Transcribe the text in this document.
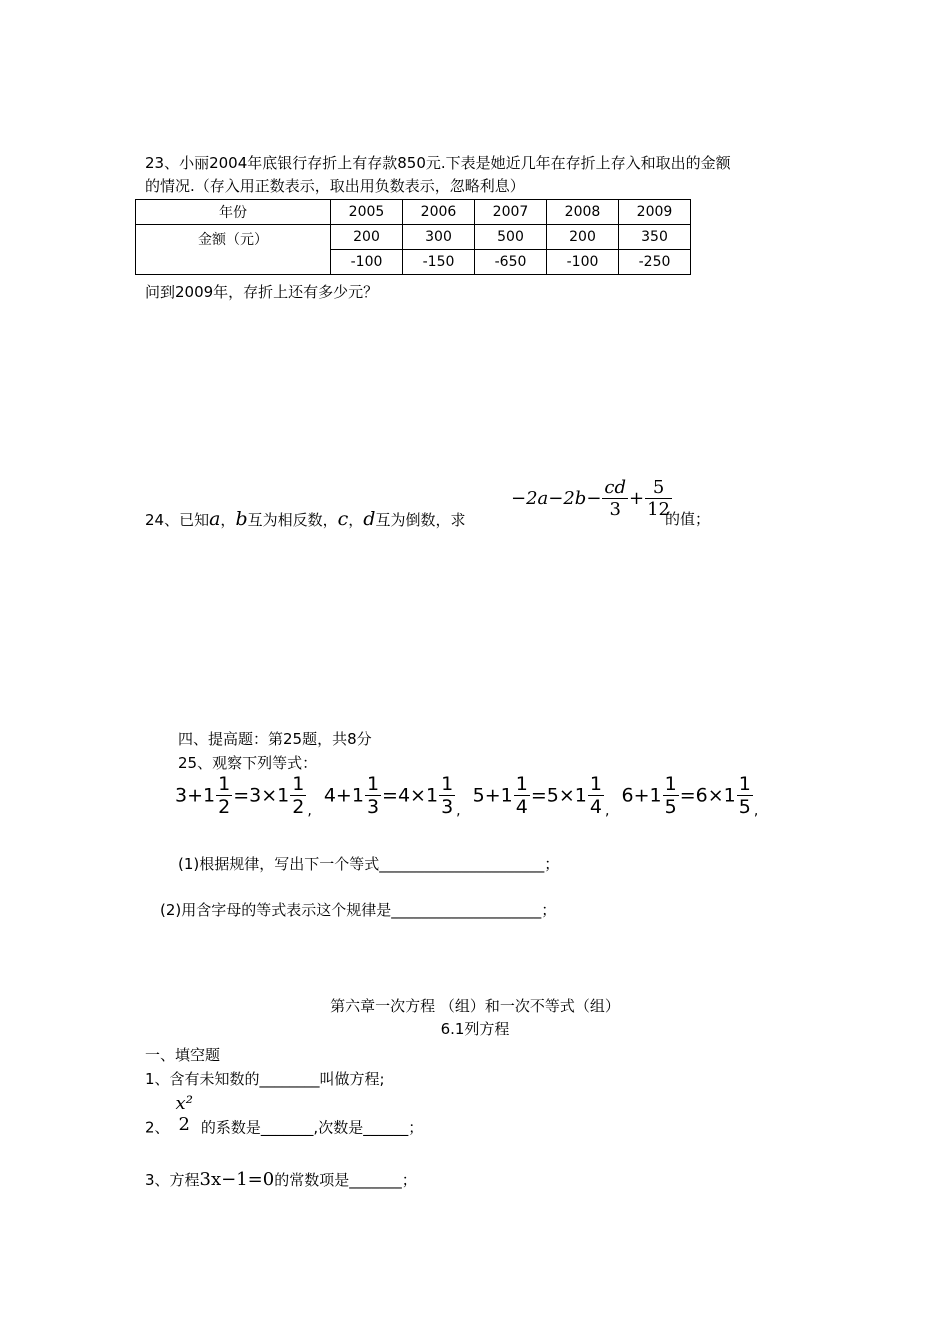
23、小丽2004年底银行存折上有存款850元.下表是她近几年在存折上存入和取出的金额
的情况.（存入用正数表示，取出用负数表示，忽略利息）
年份	2005	2006	2007	2008	2009
金额（元）	200	300	500	200	350
	-100	-150	-650	-100	-250
问到2009年，存折上还有多少元？
24、已知a，b互为相反数，c，d互为倒数，求
$-2a-2b- \frac{cd}{3} + \frac{5}{12}$
的值；
四、提高题：第25题，共8分
25、观察下列等式：
$3+1 \frac{1}{2} =3\times 1 \frac{1}{2} _,$ $4+1 \frac{1}{3} =4\times 1 \frac{1}{3} _,$ $5+1 \frac{1}{4} =5\times 1 \frac{1}{4} _,$ $6+1 \frac{1}{5} =6\times 1 \frac{1}{5} _,$
(1)根据规律，写出下一个等式______________________；
(2)用含字母的等式表示这个规律是____________________；
第六章一次方程 （组）和一次不等式（组）
6.1列方程
一、填空题
1、含有未知数的________叫做方程;
2、
x²
2 的系数是_______,次数是______；
3、方程3x−1=0的常数项是_______；
